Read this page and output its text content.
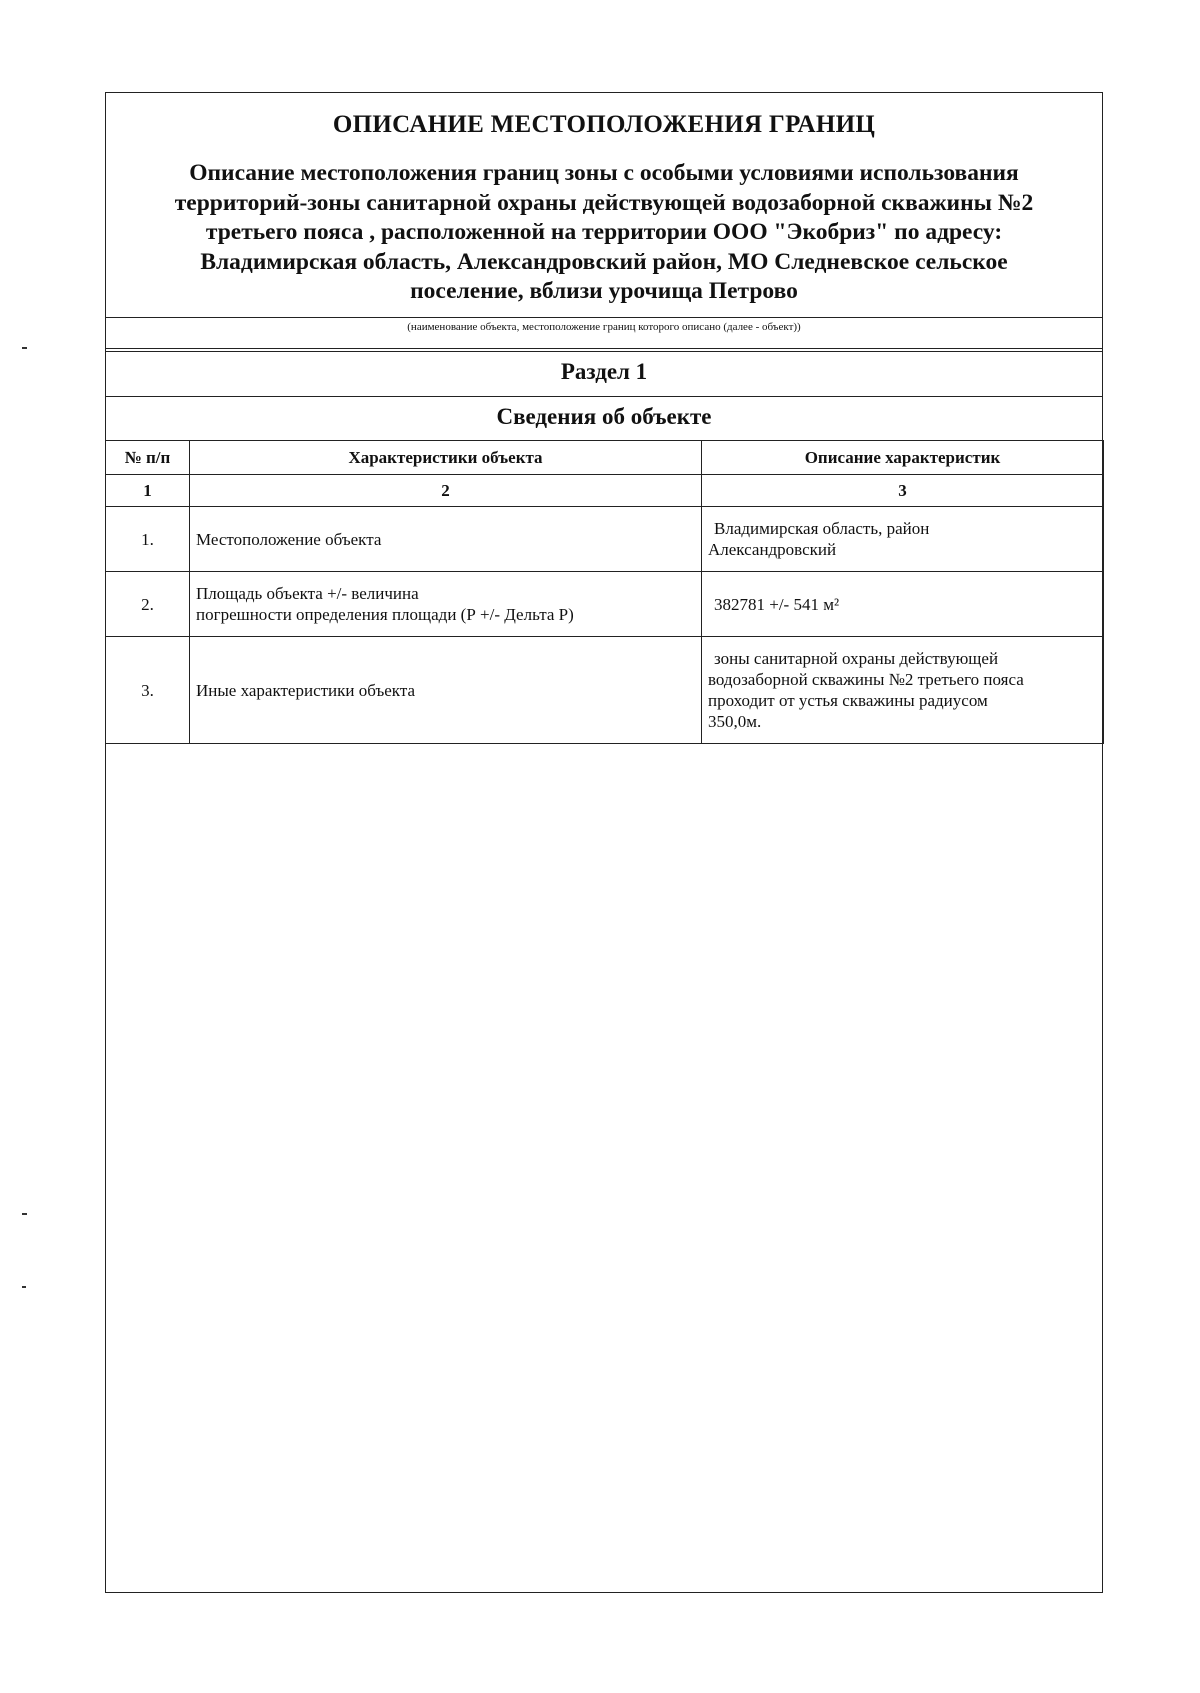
ОПИСАНИЕ МЕСТОПОЛОЖЕНИЯ ГРАНИЦ
Описание местоположения границ зоны с особыми условиями использования
территорий-зоны санитарной охраны действующей водозаборной скважины №2
третьего пояса , расположенной на территории ООО "Экобриз" по адресу:
Владимирская область, Александровский район, МО Следневское сельское
поселение, вблизи урочища Петрово
(наименование объекта, местоположение границ которого описано (далее - объект))
Раздел 1
Сведения об объекте
№ п/п	Характеристики объекта	Описание характеристик
1	2	3
1.	Местоположение объекта	Владимирская область, район
Александровский

2.	Площадь объекта +/- величина
погрешности определения площади (Р +/- Дельта Р)	382781 +/- 541 м²

3.	Иные характеристики объекта	зоны санитарной охраны действующей
водозаборной скважины №2 третьего пояса
проходит от устья скважины радиусом
350,0м.
